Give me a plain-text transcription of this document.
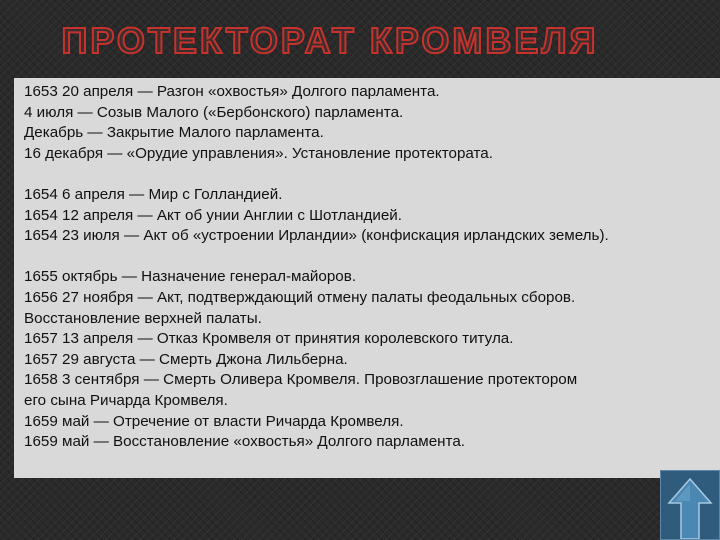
ПРОТЕКТОРАТ КРОМВЕЛЯ
1653 20 апреля — Разгон «охвостья» Долгого парламента.
4 июля — Созыв Малого («Бербонского) парламента.
Декабрь — Закрытие Малого парламента.
16 декабря — «Орудие управления». Установление протектората.
1654 6 апреля — Мир с Голландией.
1654 12 апреля — Акт об унии Англии с Шотландией.
1654 23 июля — Акт об «устроении Ирландии» (конфискация ирландских земель).
1655 октябрь — Назначение генерал-майоров.
1656 27 ноября — Акт, подтверждающий отмену палаты феодальных сборов.
Восстановление верхней палаты.
1657 13 апреля — Отказ Кромвеля от принятия королевского титула.
1657 29 августа — Смерть Джона Лильберна.
1658 3 сентября — Смерть Оливера Кромвеля. Провозглашение протектором
его сына Ричарда Кромвеля.
1659 май — Отречение от власти Ричарда Кромвеля.
1659 май — Восстановление «охвостья» Долгого парламента.
